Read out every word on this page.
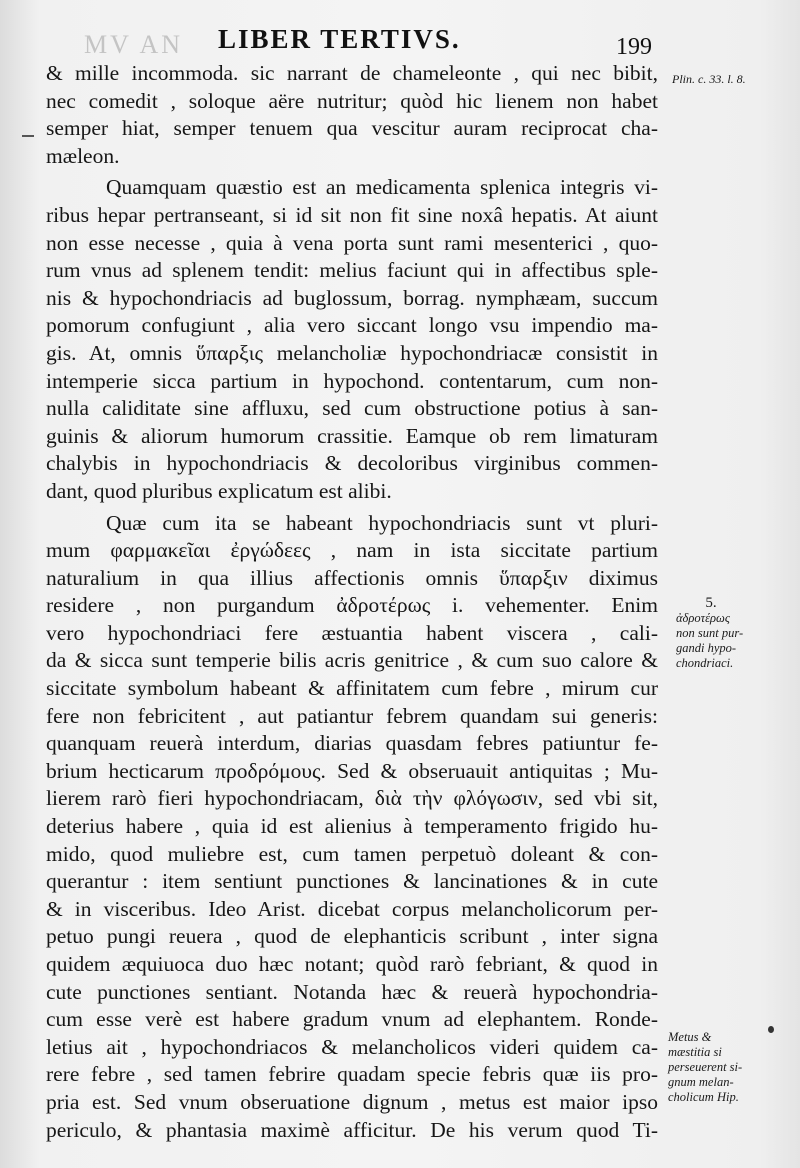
MV AN LIBER TERTIVS.	199
& mille incommoda. sic narrant de chameleonte , qui nec bibit,
nec comedit , soloque aëre nutritur; quòd hic lienem non habet
semper hiat, semper tenuem qua vescitur auram reciprocat cha-
mæleon.
Quamquam quæstio est an medicamenta splenica integris vi-
ribus hepar pertranseant, si id sit non fit sine noxâ hepatis. At aiunt
non esse necesse , quia à vena porta sunt rami mesenterici , quo-
rum vnus ad splenem tendit: melius faciunt qui in affectibus sple-
nis & hypochondriacis ad buglossum, borrag. nymphæam, succum
pomorum confugiunt , alia vero siccant longo vsu impendio ma-
gis. At, omnis ὕπαρξις melancholiæ hypochondriacæ consistit in
intemperie sicca partium in hypochond. contentarum, cum non-
nulla caliditate sine affluxu, sed cum obstructione potius à san-
guinis & aliorum humorum crassitie. Eamque ob rem limaturam
chalybis in hypochondriacis & decoloribus virginibus commen-
dant, quod pluribus explicatum est alibi.
Quæ cum ita se habeant hypochondriacis sunt vt pluri-
mum φαρμακεῖαι ἐργώδεες , nam in ista siccitate partium
naturalium in qua illius affectionis omnis ὕπαρξιν diximus
residere , non purgandum ἀδροτέρως i. vehementer. Enim
vero hypochondriaci fere æstuantia habent viscera , cali-
da & sicca sunt temperie bilis acris genitrice , & cum suo calore &
siccitate symbolum habeant & affinitatem cum febre , mirum cur
fere non febricitent , aut patiantur febrem quandam sui generis:
quanquam reuerà interdum, diarias quasdam febres patiuntur fe-
brium hecticarum προδρόμους. Sed & obseruauit antiquitas ; Mu-
lierem rarò fieri hypochondriacam, διὰ τὴν φλόγωσιν, sed vbi sit,
deterius habere , quia id est alienius à temperamento frigido hu-
mido, quod muliebre est, cum tamen perpetuò doleant & con-
querantur : item sentiunt punctiones & lancinationes & in cute
& in visceribus. Ideo Arist. dicebat corpus melancholicorum per-
petuo pungi reuera , quod de elephanticis scribunt , inter signa
quidem æquiuoca duo hæc notant; quòd rarò febriant, & quod in
cute punctiones sentiant. Notanda hæc & reuerà hypochondria-
cum esse verè est habere gradum vnum ad elephantem. Ronde-
letius ait , hypochondriacos & melancholicos videri quidem ca-
rere febre , sed tamen febrire quadam specie febris quæ iis pro-
pria est. Sed vnum obseruatione dignum , metus est maior ipso
periculo, & phantasia maximè afficitur. De his verum quod Ti-
Plin. c. 33. l. 8.
5.
ἀδροτέρως
non sunt pur-
gandi hypo-
chondriaci.
Metus &
mæstitia si
perseuerent si-
gnum melan-
cholicum Hip.
